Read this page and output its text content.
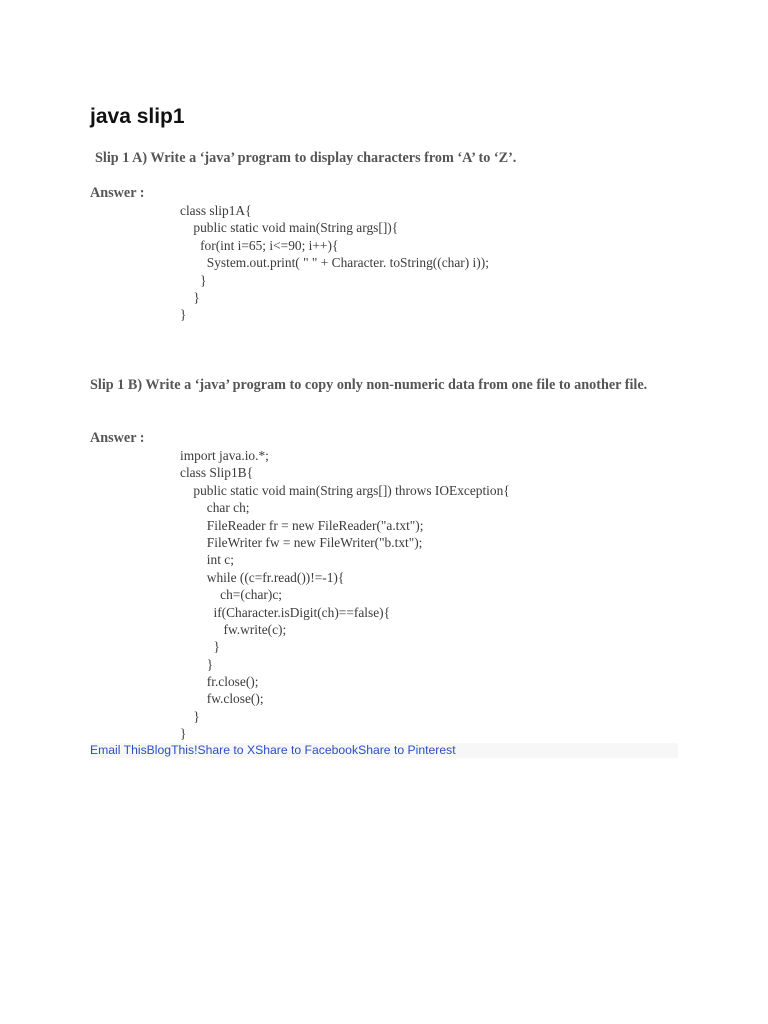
java slip1

Slip 1 A) Write a ‘java’ program to display characters from ‘A’ to ‘Z’.

Answer :

class slip1A{
public static void main(String args[]){
for(int i=65; i<=90; i++){
System.out.print( " " + Character. toString((char) i));
}
}
}

Slip 1 B) Write a ‘java’ program to copy only non-numeric data from one file to another file.

Answer :

import java.io.*;
class Slip1B{
public static void main(String args[]) throws IOException{
char ch;
FileReader fr = new FileReader("a.txt");
FileWriter fw = new FileWriter("b.txt");
int c;
while ((c=fr.read())!=-1){
ch=(char)c;
if(Character.isDigit(ch)==false){
fw.write(c);
}
}
fr.close();
fw.close();
}
}
Email ThisBlogThis!Share to XShare to FacebookShare to Pinterest
